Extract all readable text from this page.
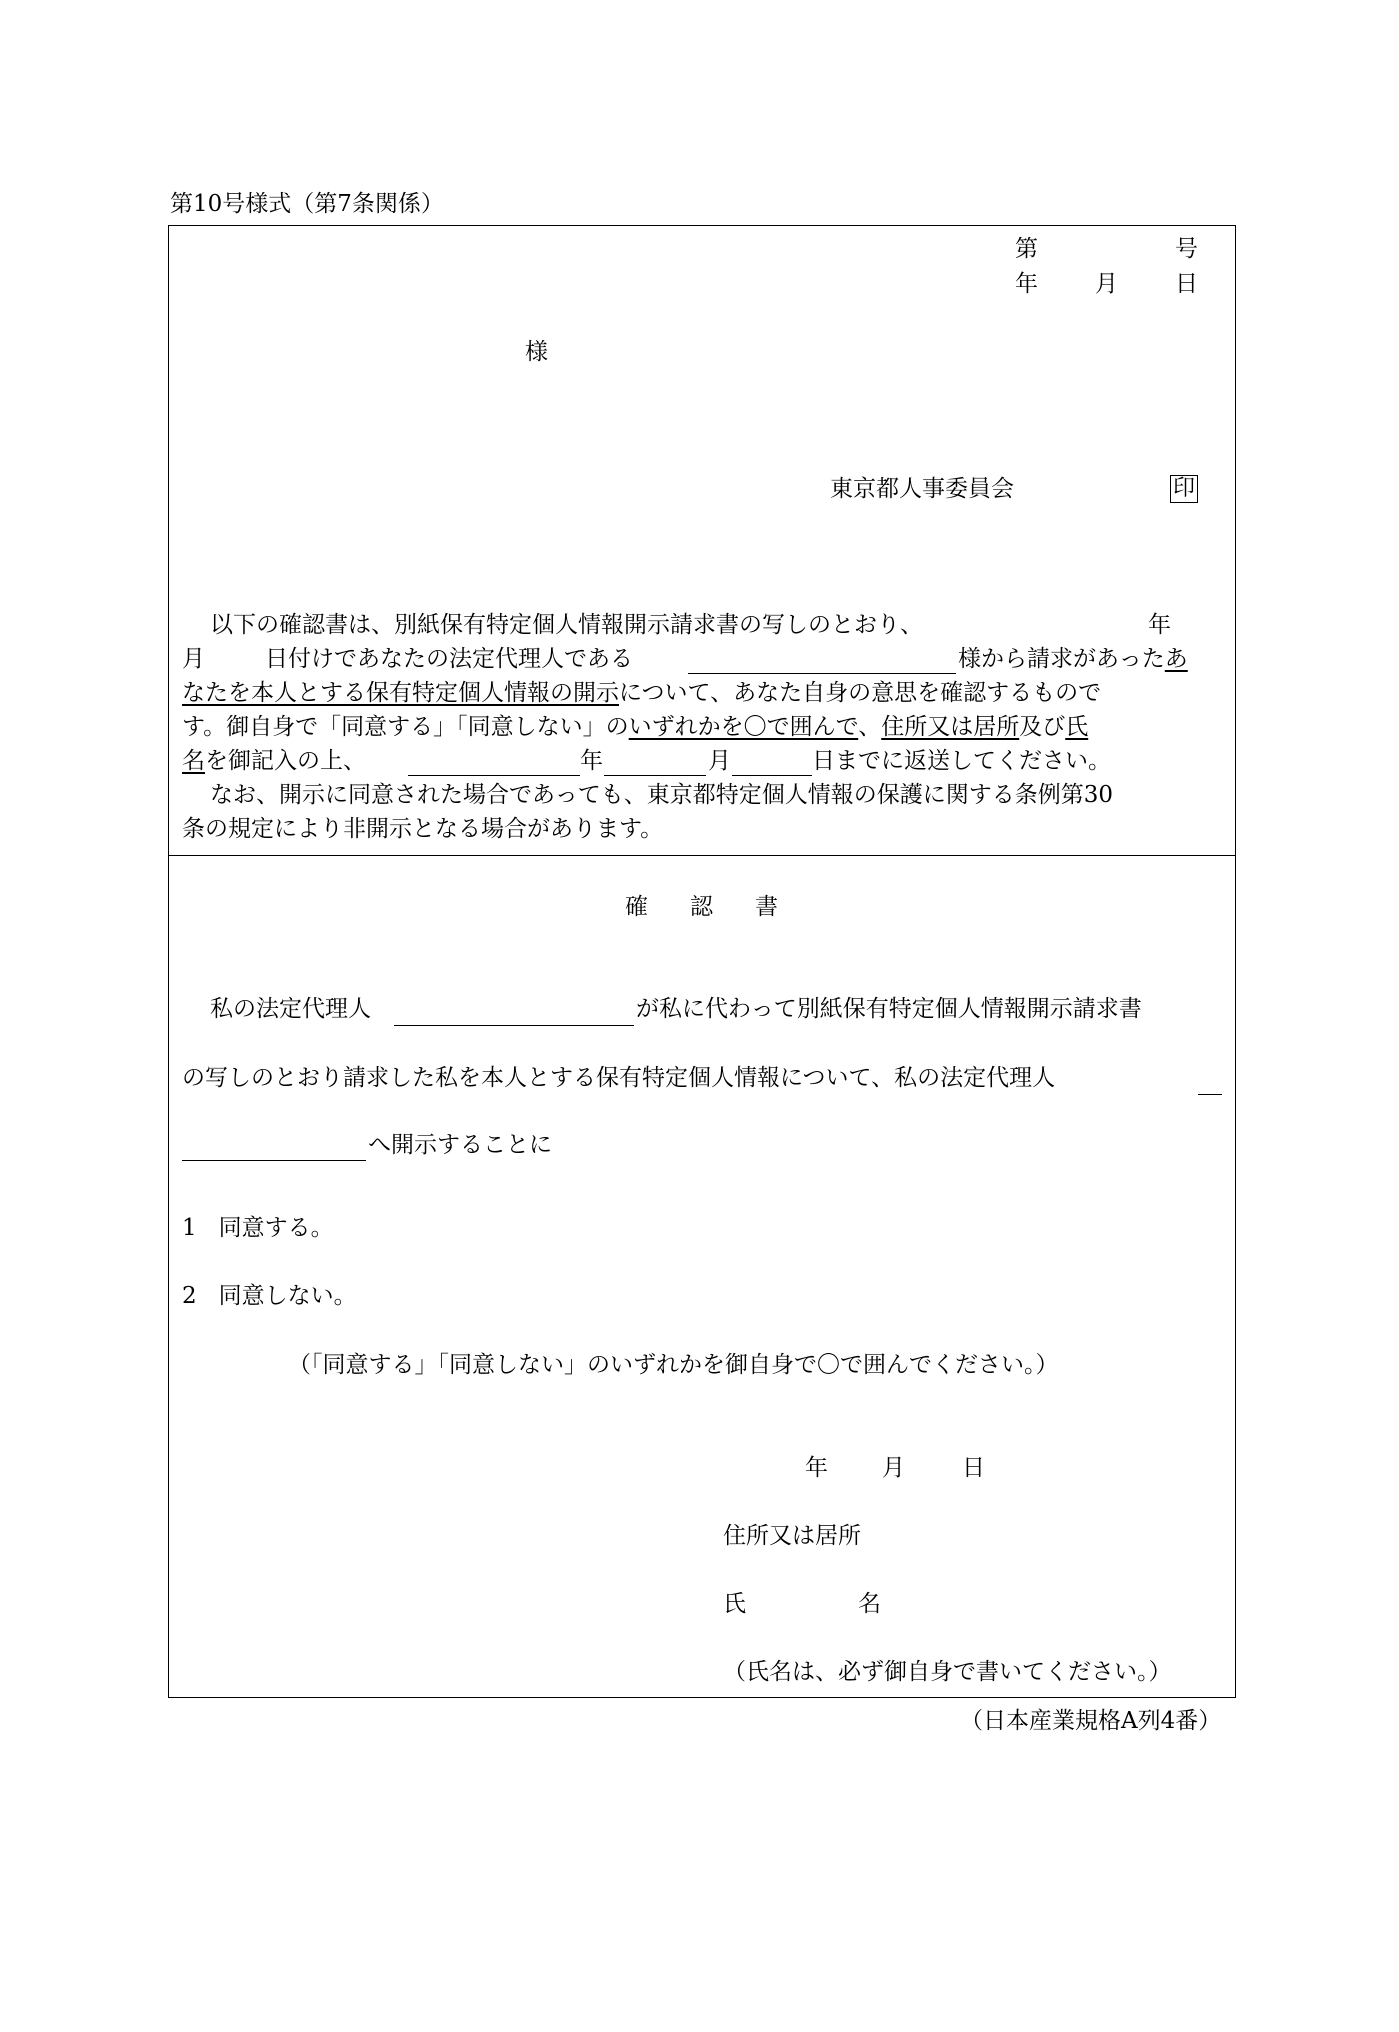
第10号様式（第7条関係）
第	号
年 月 日
様
東京都人事委員会	印
以下の確認書は、別紙保有特定個人情報開示請求書の写しのとおり、	年
月	日付けであなたの法定代理人である	様から請求があったあ
なたを本人とする保有特定個人情報の開示について、あなた自身の意思を確認するもので
す。御自身で「同意する」「同意しない」のいずれかを〇で囲んで、住所又は居所及び氏
名を御記入の上、	年	月	日までに返送してください。
なお、開示に同意された場合であっても、東京都特定個人情報の保護に関する条例第30
条の規定により非開示となる場合があります。
確 認 書
私の法定代理人	が私に代わって別紙保有特定個人情報開示請求書
の写しのとおり請求した私を本人とする保有特定個人情報について、私の法定代理人
へ開示することに
1 同意する。
2 同意しない。
（「同意する」「同意しない」のいずれかを御自身で〇で囲んでください。）
年 月 日
住所又は居所
氏	名
（氏名は、必ず御自身で書いてください。）
（日本産業規格A列4番）
